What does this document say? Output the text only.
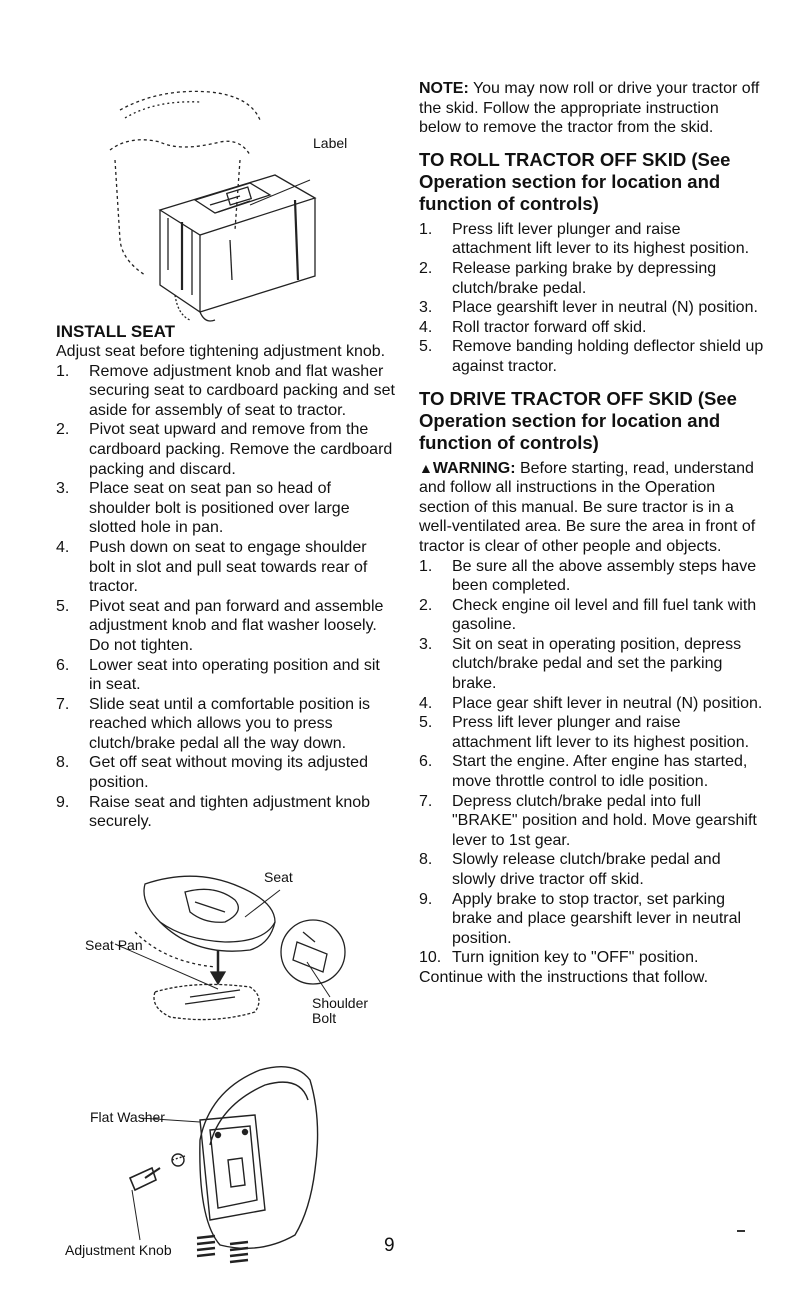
Label
INSTALL SEAT

Adjust seat before tightening adjustment knob.

1.	Remove adjustment knob and flat washer securing seat to cardboard packing and set aside for assembly of seat to tractor.
2.	Pivot seat upward and remove from the cardboard packing. Remove the cardboard packing and discard.
3.	Place seat on seat pan so head of shoulder bolt is positioned over large slotted hole in pan.
4.	Push down on seat to engage shoulder bolt in slot and pull seat towards rear of tractor.
5.	Pivot seat and pan forward and assemble adjustment knob and flat washer loosely. Do not tighten.
6.	Lower seat into operating position and sit in seat.
7.	Slide seat until a comfortable position is reached which allows you to press clutch/brake pedal all the way down.
8.	Get off seat without moving its adjusted position.
9.	Raise seat and tighten adjustment knob securely.
Seat
Seat Pan
Shoulder Bolt
Flat Washer
Adjustment Knob

NOTE: You may now roll or drive your tractor off the skid. Follow the appropriate instruction below to remove the tractor from the skid.

TO ROLL TRACTOR OFF SKID (See Operation section for location and function of controls)
1.	Press lift lever plunger and raise attachment lift lever to its highest position.
2.	Release parking brake by depressing clutch/brake pedal.
3.	Place gearshift lever in neutral (N) position.
4.	Roll tractor forward off skid.
5.	Remove banding holding deflector shield up against tractor.
TO DRIVE TRACTOR OFF SKID (See Operation section for location and function of controls)

▲WARNING: Before starting, read, understand and follow all instructions in the Operation section of this manual. Be sure tractor is in a well-ventilated area. Be sure the area in front of tractor is clear of other people and objects.

1.	Be sure all the above assembly steps have been completed.
2.	Check engine oil level and fill fuel tank with gasoline.
3.	Sit on seat in operating position, depress clutch/brake pedal and set the parking brake.
4.	Place gear shift lever in neutral (N) position.
5.	Press lift lever plunger and raise attachment lift lever to its highest position.
6.	Start the engine. After engine has started, move throttle control to idle position.
7.	Depress clutch/brake pedal into full "BRAKE" position and hold. Move gearshift lever to 1st gear.
8.	Slowly release clutch/brake pedal and slowly drive tractor off skid.
9.	Apply brake to stop tractor, set parking brake and place gearshift lever in neutral position.
10. Turn ignition key to "OFF" position.

Continue with the instructions that follow.

9
